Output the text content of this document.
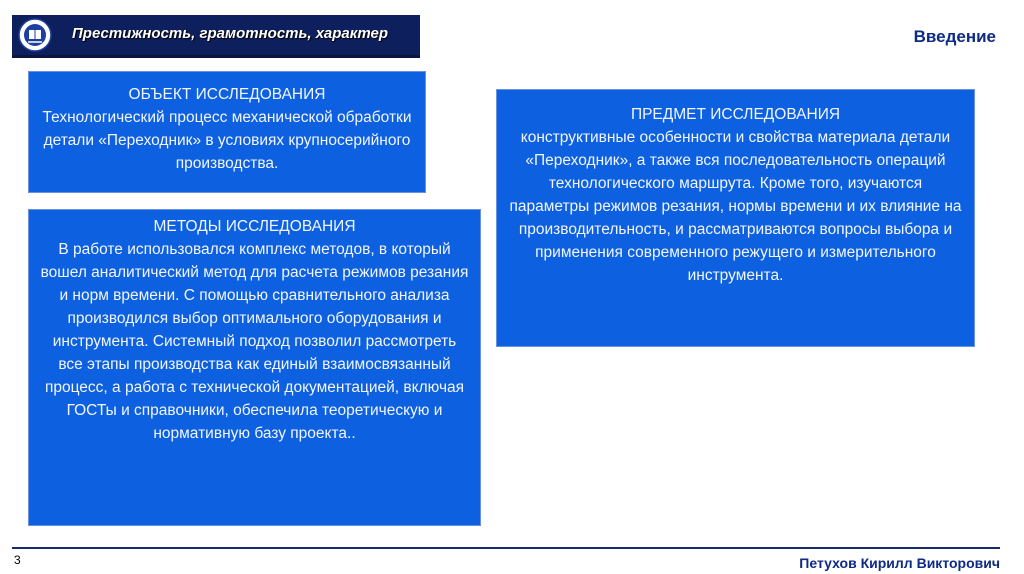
Престижность, грамотность, характер	Введение
ОБЪЕКТ ИССЛЕДОВАНИЯ
Технологический процесс механической обработки детали «Переходник» в условиях крупносерийного производства.
МЕТОДЫ ИССЛЕДОВАНИЯ
В работе использовался комплекс методов, в который вошел аналитический метод для расчета режимов резания и норм времени. С помощью сравнительного анализа производился выбор оптимального оборудования и инструмента. Системный подход позволил рассмотреть все этапы производства как единый взаимосвязанный процесс, а работа с технической документацией, включая ГОСТы и справочники, обеспечила теоретическую и нормативную базу проекта..
ПРЕДМЕТ ИССЛЕДОВАНИЯ
конструктивные особенности и свойства материала детали «Переходник», а также вся последовательность операций технологического маршрута. Кроме того, изучаются параметры режимов резания, нормы времени и их влияние на производительность, и рассматриваются вопросы выбора и применения современного режущего и измерительного инструмента.
3	Петухов Кирилл Викторович
